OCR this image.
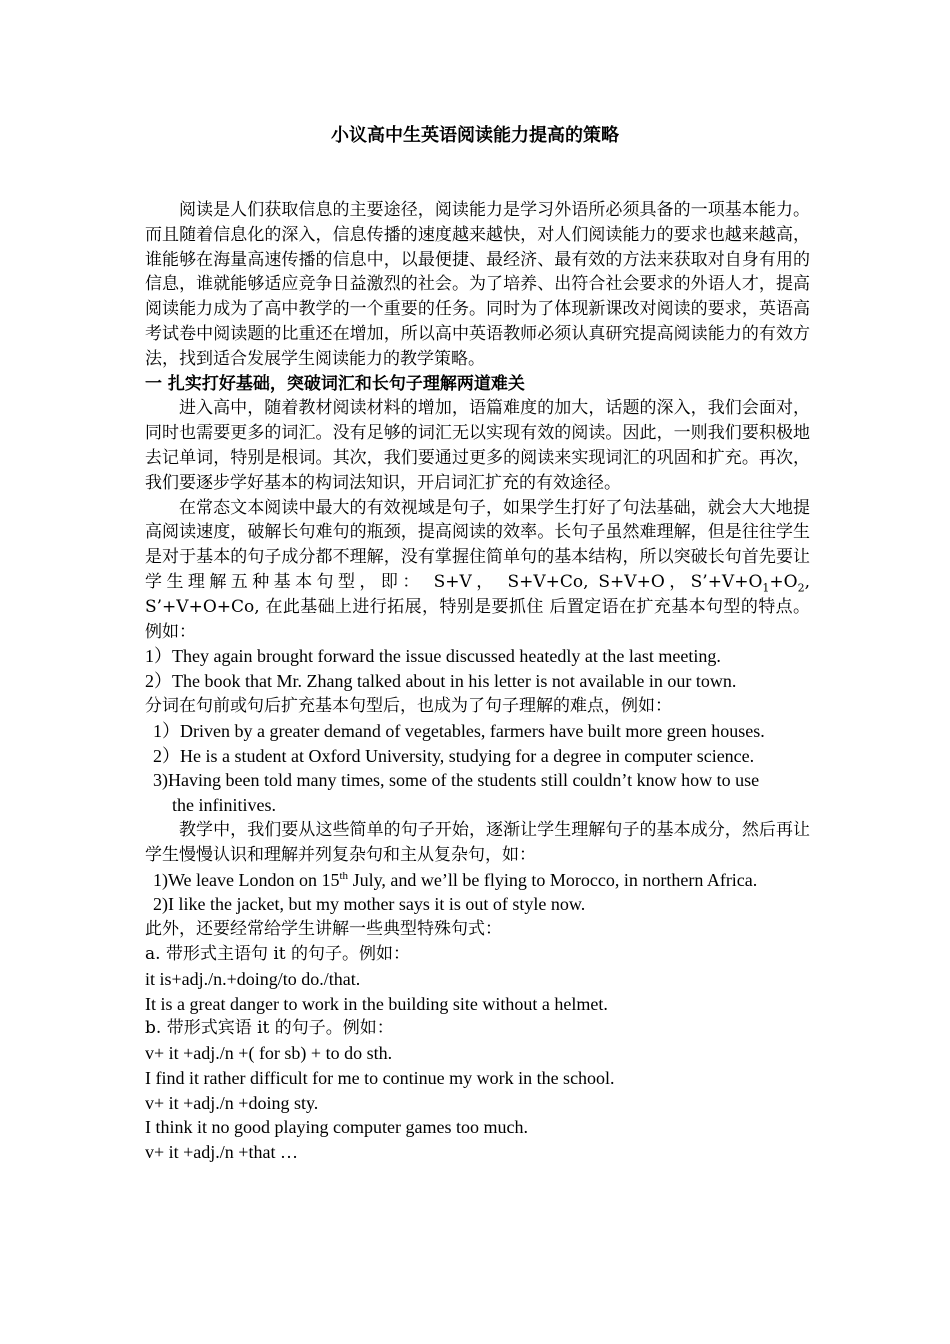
小议高中生英语阅读能力提高的策略

阅读是人们获取信息的主要途径，阅读能力是学习外语所必须具备的一项基本能力。而且随着信息化的深入，信息传播的速度越来越快，对人们阅读能力的要求也越来越高，谁能够在海量高速传播的信息中，以最便捷、最经济、最有效的方法来获取对自身有用的信息，谁就能够适应竞争日益激烈的社会。为了培养、出符合社会要求的外语人才，提高阅读能力成为了高中教学的一个重要的任务。同时为了体现新课改对阅读的要求，英语高考试卷中阅读题的比重还在增加，所以高中英语教师必须认真研究提高阅读能力的有效方法，找到适合发展学生阅读能力的教学策略。

一 扎实打好基础，突破词汇和长句子理解两道难关

进入高中，随着教材阅读材料的增加，语篇难度的加大，话题的深入，我们会面对，同时也需要更多的词汇。没有足够的词汇无以实现有效的阅读。因此，一则我们要积极地去记单词，特别是根词。其次，我们要通过更多的阅读来实现词汇的巩固和扩充。再次，我们要逐步学好基本的构词法知识，开启词汇扩充的有效途径。

在常态文本阅读中最大的有效视域是句子，如果学生打好了句法基础，就会大大地提高阅读速度，破解长句难句的瓶颈，提高阅读的效率。长句子虽然难理解，但是往往学生是对于基本的句子成分都不理解，没有掌握住简单句的基本结构，所以突破长句首先要让学生理解五种基本句型，即： S+V， S+V+Co, S+V+O，$S’+V+O_1+O_2$, S’+V+O+Co, 在此基础上进行拓展，特别是要抓住 后置定语在扩充基本句型的特点。例如：

1）They again brought forward the issue discussed heatedly at the last meeting.

2）The book that Mr. Zhang talked about in his letter is not available in our town.

分词在句前或句后扩充基本句型后，也成为了句子理解的难点，例如：

1）Driven by a greater demand of vegetables, farmers have built more green houses.

2）He is a student at Oxford University, studying for a degree in computer science.

3)Having been told many times, some of the students still couldn’t know how to use
the infinitives.

教学中，我们要从这些简单的句子开始，逐渐让学生理解句子的基本成分，然后再让学生慢慢认识和理解并列复杂句和主从复杂句，如：

1)We leave London on 15th July, and we’ll be flying to Morocco, in northern Africa.

2)I like the jacket, but my mother says it is out of style now.

此外，还要经常给学生讲解一些典型特殊句式：

a. 带形式主语句 it 的句子。例如：

it is+adj./n.+doing/to do./that.

It is a great danger to work in the building site without a helmet.

b. 带形式宾语 it 的句子。例如：

v+ it +adj./n +( for sb) + to do sth.

I find it rather difficult for me to continue my work in the school.

v+ it +adj./n +doing sty.

I think it no good playing computer games too much.

v+ it +adj./n +that …
